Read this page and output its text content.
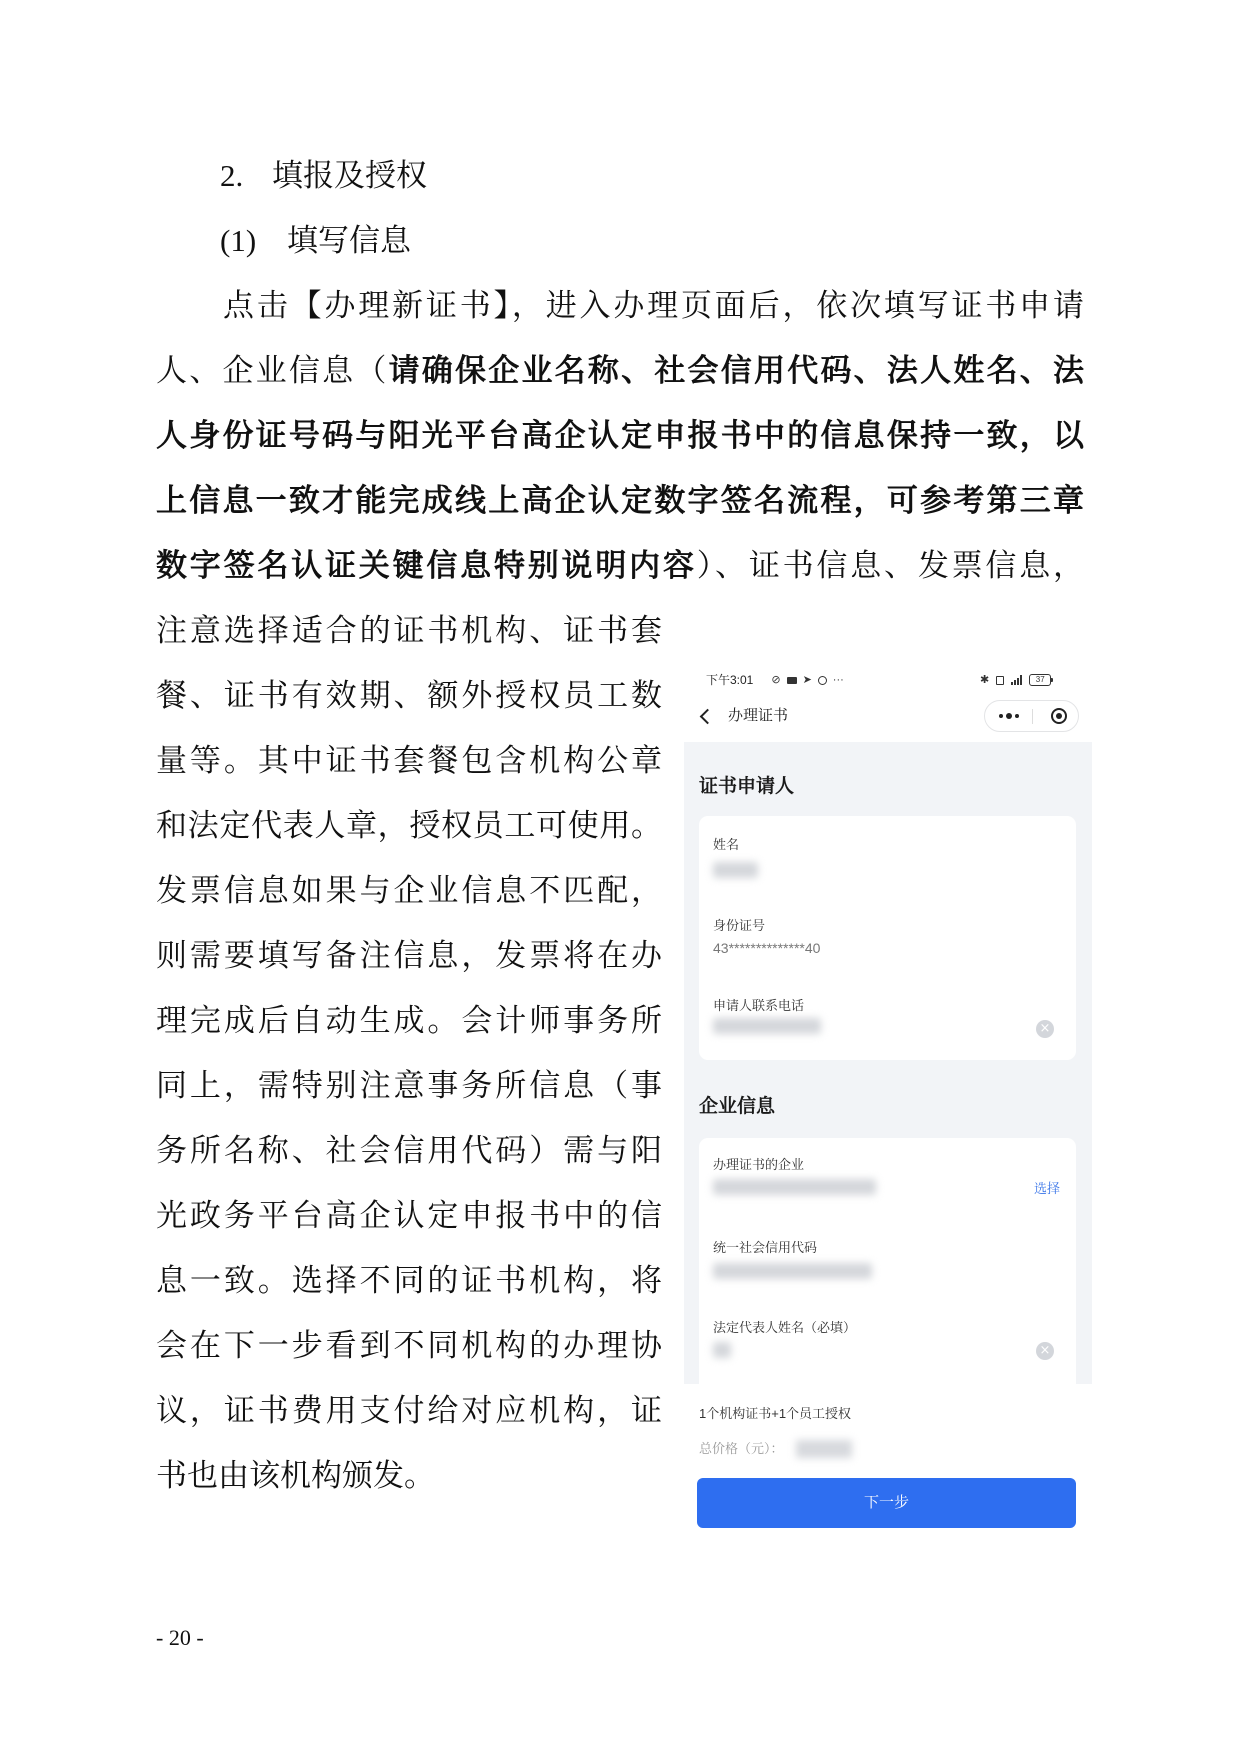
2. 填报及授权
(1) 填写信息
点击【办理新证书】，进入办理页面后，依次填写证书申请
人、企业信息（请确保企业名称、社会信用代码、法人姓名、法
人身份证号码与阳光平台高企认定申报书中的信息保持一致，以
上信息一致才能完成线上高企认定数字签名流程，可参考第三章
数字签名认证关键信息特别说明内容）、证书信息、发票信息，
注意选择适合的证书机构、证书套
餐、证书有效期、额外授权员工数
量等。其中证书套餐包含机构公章
和法定代表人章，授权员工可使用。
发票信息如果与企业信息不匹配，
则需要填写备注信息，发票将在办
理完成后自动生成。会计师事务所
同上，需特别注意事务所信息（事
务所名称、社会信用代码）需与阳
光政务平台高企认定申报书中的信
息一致。选择不同的证书机构，将
会在下一步看到不同机构的办理协
议，证书费用支付给对应机构，证
书也由该机构颁发。
- 20 -
下午3:01 ⊘ ➤ ···	✱	37
办理证书
证书申请人
姓名
身份证号
43**************40
申请人联系电话
×
企业信息
办理证书的企业
选择
统一社会信用代码
法定代表人姓名（必填）
×
1个机构证书+1个员工授权
总价格（元）：
下一步
